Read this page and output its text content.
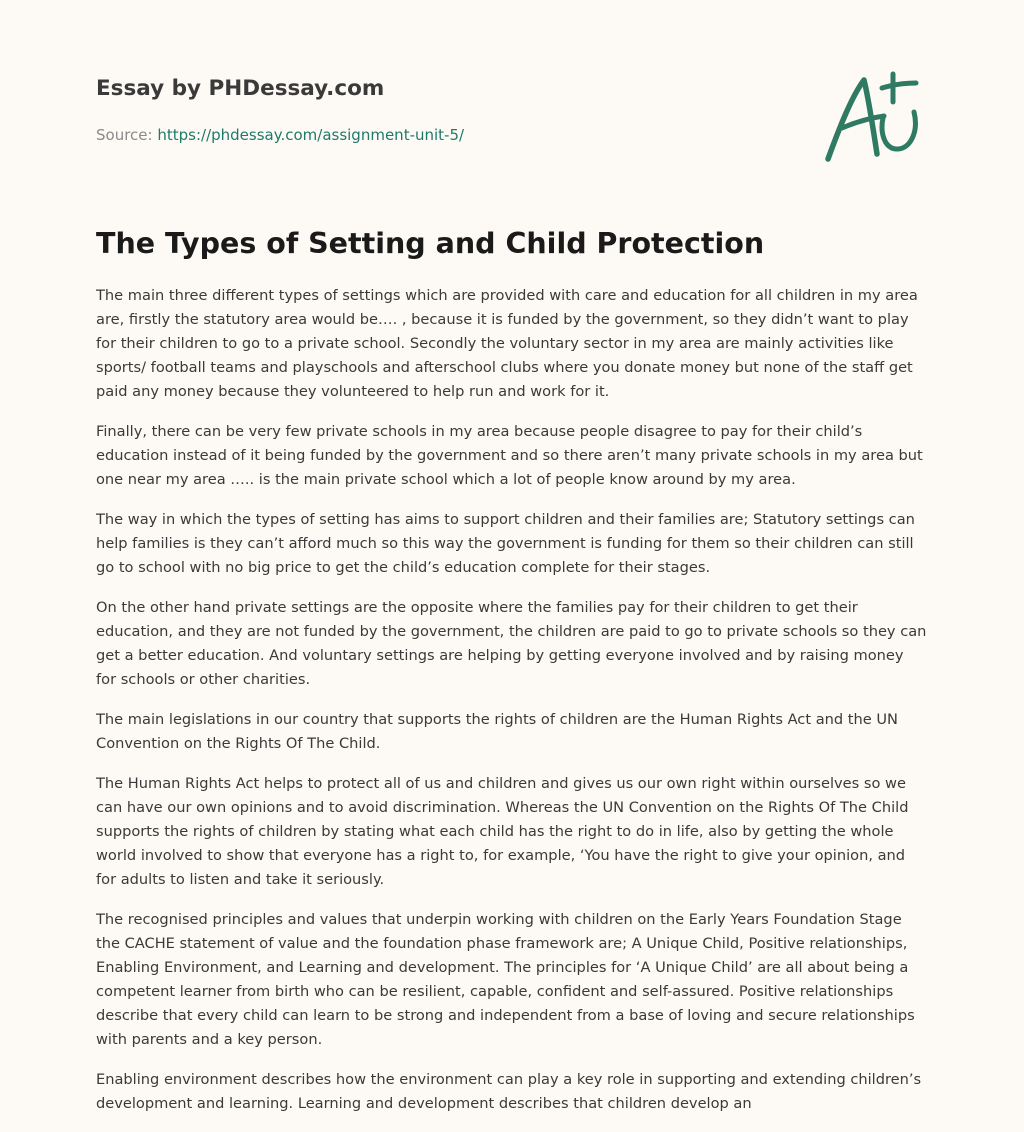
Essay by PHDessay.com
Source: https://phdessay.com/assignment-unit-5/
The Types of Setting and Child Protection

The main three different types of settings which are provided with care and education for all children in my area are, firstly the statutory area would be…. , because it is funded by the government, so they didn’t want to play for their children to go to a private school. Secondly the voluntary sector in my area are mainly activities like sports/ football teams and playschools and afterschool clubs where you donate money but none of the staff get paid any money because they volunteered to help run and work for it.

Finally, there can be very few private schools in my area because people disagree to pay for their child’s education instead of it being funded by the government and so there aren’t many private schools in my area but one near my area ….. is the main private school which a lot of people know around by my area.

The way in which the types of setting has aims to support children and their families are; Statutory settings can help families is they can’t afford much so this way the government is funding for them so their children can still go to school with no big price to get the child’s education complete for their stages.

On the other hand private settings are the opposite where the families pay for their children to get their education, and they are not funded by the government, the children are paid to go to private schools so they can get a better education. And voluntary settings are helping by getting everyone involved and by raising money for schools or other charities.

The main legislations in our country that supports the rights of children are the Human Rights Act and the UN Convention on the Rights Of The Child.

The Human Rights Act helps to protect all of us and children and gives us our own right within ourselves so we can have our own opinions and to avoid discrimination. Whereas the UN Convention on the Rights Of The Child supports the rights of children by stating what each child has the right to do in life, also by getting the whole world involved to show that everyone has a right to, for example, ‘You have the right to give your opinion, and for adults to listen and take it seriously.

The recognised principles and values that underpin working with children on the Early Years Foundation Stage the CACHE statement of value and the foundation phase framework are; A Unique Child, Positive relationships, Enabling Environment, and Learning and development. The principles for ‘A Unique Child’ are all about being a competent learner from birth who can be resilient, capable, confident and self-assured. Positive relationships describe that every child can learn to be strong and independent from a base of loving and secure relationships with parents and a key person.

Enabling environment describes how the environment can play a key role in supporting and extending children’s development and learning. Learning and development describes that children develop an
